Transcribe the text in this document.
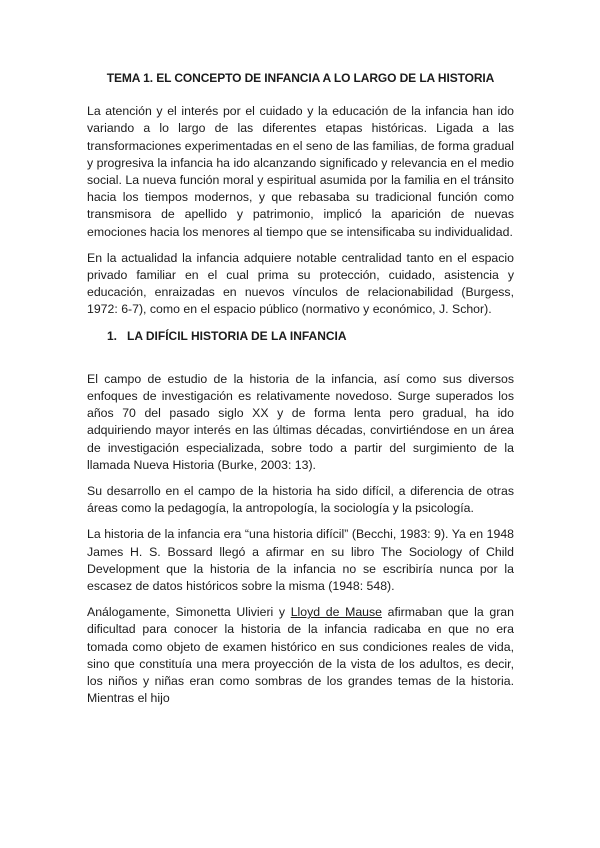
TEMA 1. EL CONCEPTO DE INFANCIA A LO LARGO DE LA HISTORIA

La atención y el interés por el cuidado y la educación de la infancia han ido variando a lo largo de las diferentes etapas históricas. Ligada a las transformaciones experimentadas en el seno de las familias, de forma gradual y progresiva la infancia ha ido alcanzando significado y relevancia en el medio social. La nueva función moral y espiritual asumida por la familia en el tránsito hacia los tiempos modernos, y que rebasaba su tradicional función como transmisora de apellido y patrimonio, implicó la aparición de nuevas emociones hacia los menores al tiempo que se intensificaba su individualidad.

En la actualidad la infancia adquiere notable centralidad tanto en el espacio privado familiar en el cual prima su protección, cuidado, asistencia y educación, enraizadas en nuevos vínculos de relacionabilidad (Burgess, 1972: 6-7), como en el espacio público (normativo y económico, J. Schor).

1. LA DIFÍCIL HISTORIA DE LA INFANCIA

El campo de estudio de la historia de la infancia, así como sus diversos enfoques de investigación es relativamente novedoso. Surge superados los años 70 del pasado siglo XX y de forma lenta pero gradual, ha ido adquiriendo mayor interés en las últimas décadas, convirtiéndose en un área de investigación especializada, sobre todo a partir del surgimiento de la llamada Nueva Historia (Burke, 2003: 13).

Su desarrollo en el campo de la historia ha sido difícil, a diferencia de otras áreas como la pedagogía, la antropología, la sociología y la psicología.

La historia de la infancia era “una historia difícil” (Becchi, 1983: 9). Ya en 1948 James H. S. Bossard llegó a afirmar en su libro The Sociology of Child Development que la historia de la infancia no se escribiría nunca por la escasez de datos históricos sobre la misma (1948: 548).

Análogamente, Simonetta Ulivieri y Lloyd de Mause afirmaban que la gran dificultad para conocer la historia de la infancia radicaba en que no era tomada como objeto de examen histórico en sus condiciones reales de vida, sino que constituía una mera proyección de la vista de los adultos, es decir, los niños y niñas eran como sombras de los grandes temas de la historia. Mientras el hijo
